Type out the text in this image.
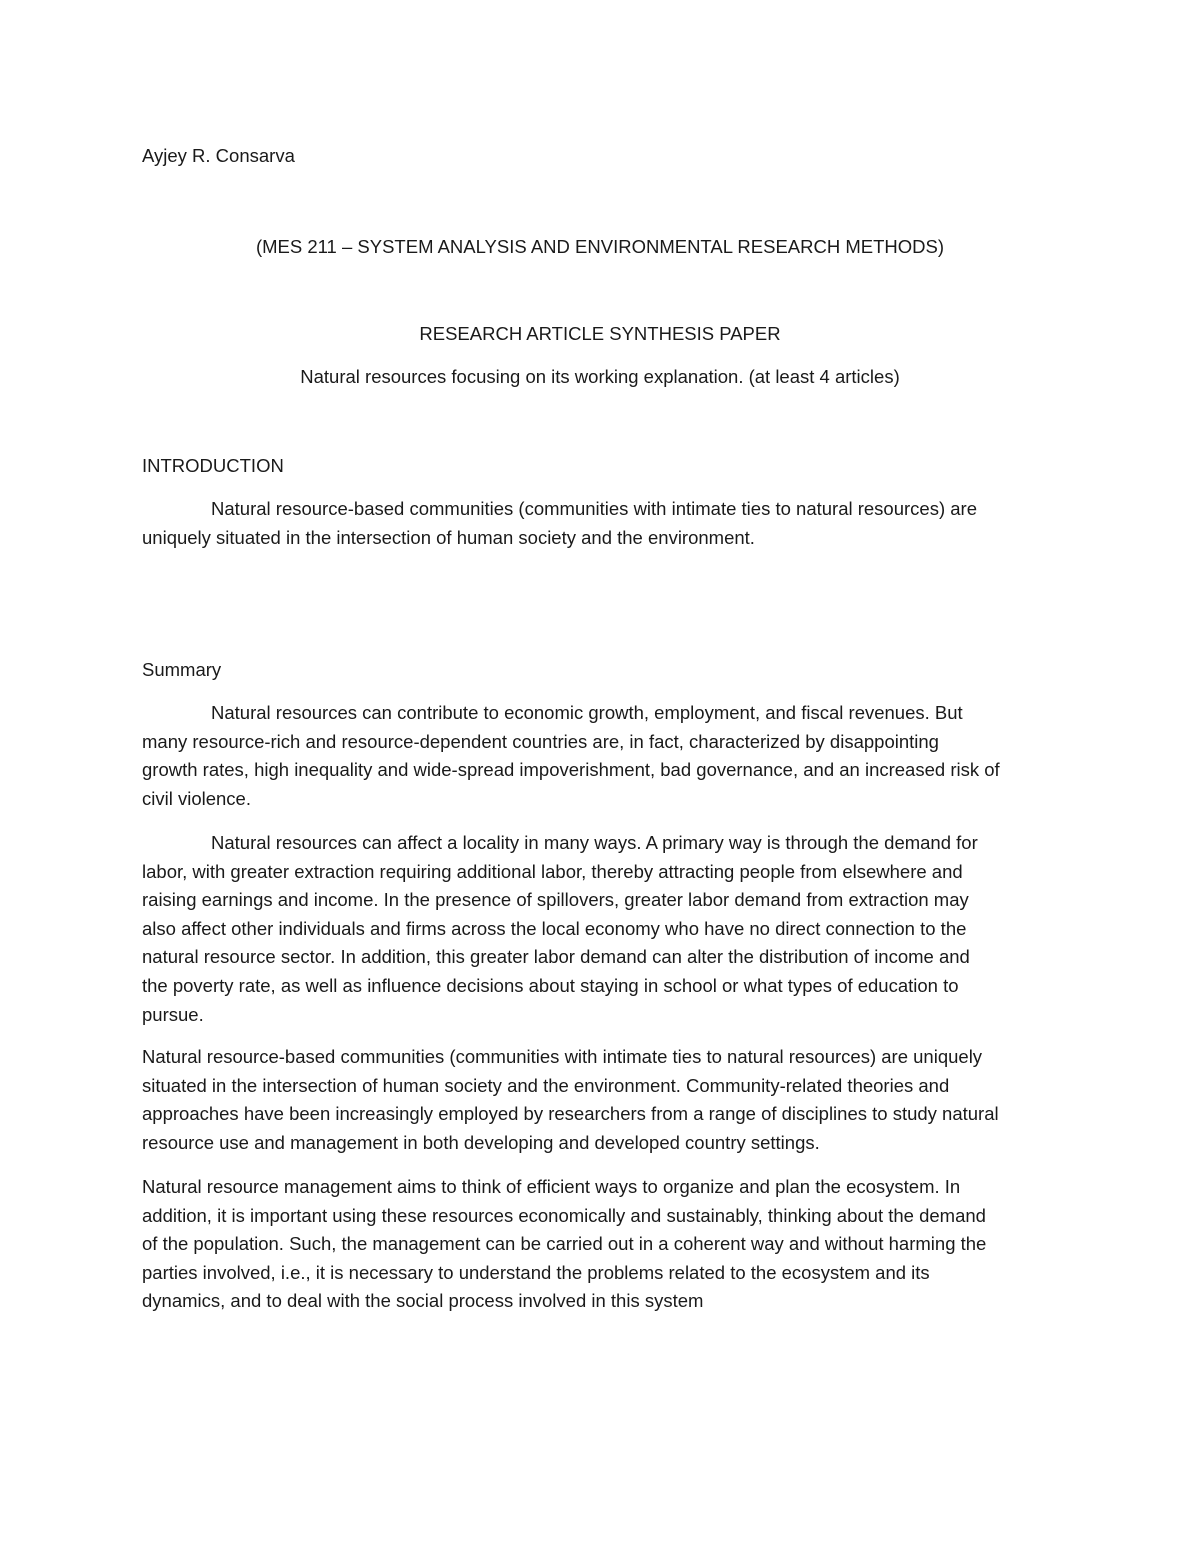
Ayjey R. Consarva
(MES 211 – SYSTEM ANALYSIS AND ENVIRONMENTAL RESEARCH METHODS)
RESEARCH ARTICLE SYNTHESIS PAPER
Natural resources focusing on its working explanation. (at least 4 articles)
INTRODUCTION
Natural resource-based communities (communities with intimate ties to natural resources) are
uniquely situated in the intersection of human society and the environment.
Summary
Natural resources can contribute to economic growth, employment, and fiscal revenues. But
many resource-rich and resource-dependent countries are, in fact, characterized by disappointing
growth rates, high inequality and wide-spread impoverishment, bad governance, and an increased risk of
civil violence.
Natural resources can affect a locality in many ways. A primary way is through the demand for
labor, with greater extraction requiring additional labor, thereby attracting people from elsewhere and
raising earnings and income. In the presence of spillovers, greater labor demand from extraction may
also affect other individuals and firms across the local economy who have no direct connection to the
natural resource sector. In addition, this greater labor demand can alter the distribution of income and
the poverty rate, as well as influence decisions about staying in school or what types of education to
pursue.
Natural resource-based communities (communities with intimate ties to natural resources) are uniquely
situated in the intersection of human society and the environment. Community-related theories and
approaches have been increasingly employed by researchers from a range of disciplines to study natural
resource use and management in both developing and developed country settings.
Natural resource management aims to think of efficient ways to organize and plan the ecosystem. In
addition, it is important using these resources economically and sustainably, thinking about the demand
of the population. Such, the management can be carried out in a coherent way and without harming the
parties involved, i.e., it is necessary to understand the problems related to the ecosystem and its
dynamics, and to deal with the social process involved in this system
